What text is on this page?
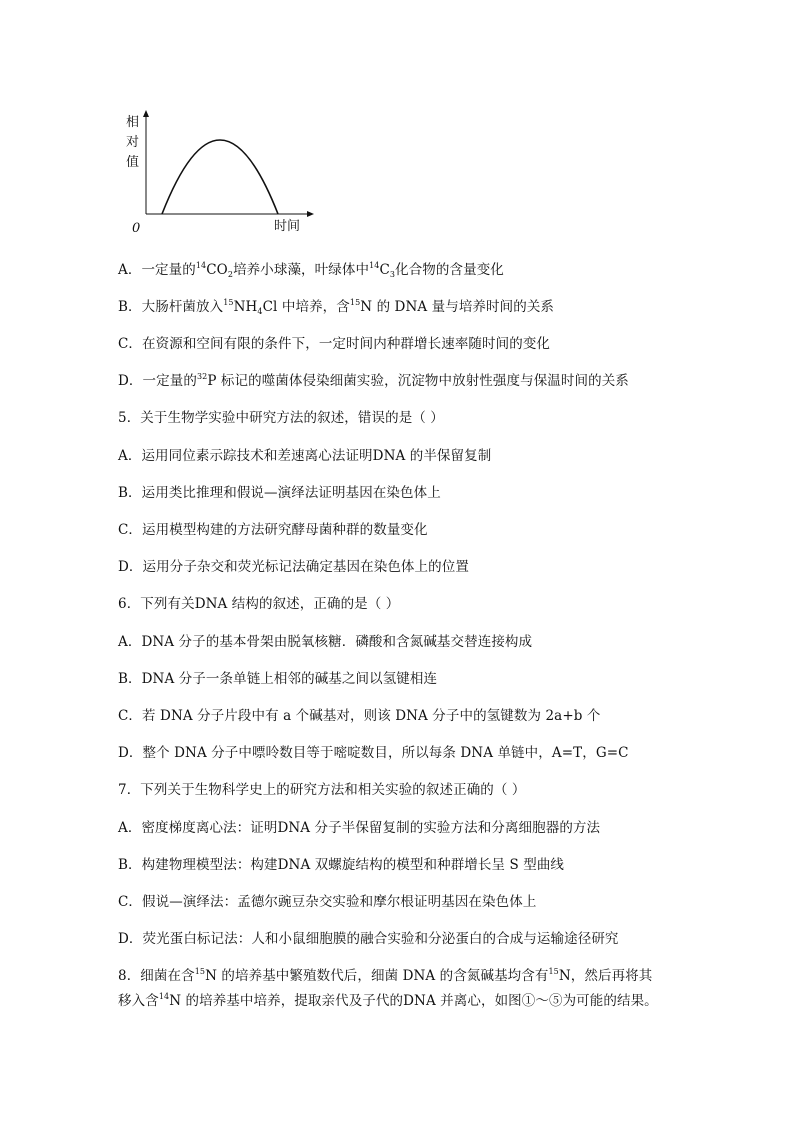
相
对
值
0	时间
A．一定量的$^{14}CO_2$培养小球藻，叶绿体中$^{14}C_3$化合物的含量变化
B．大肠杆菌放入$^{15}NH_4Cl$ 中培养，含$^{15}$N 的 DNA 量与培养时间的关系
C．在资源和空间有限的条件下，一定时间内种群增长速率随时间的变化
D．一定量的$^{32}$P 标记的噬菌体侵染细菌实验，沉淀物中放射性强度与保温时间的关系
5．关于生物学实验中研究方法的叙述，错误的是（ ）
A．运用同位素示踪技术和差速离心法证明DNA 的半保留复制
B．运用类比推理和假说—演绎法证明基因在染色体上
C．运用模型构建的方法研究酵母菌种群的数量变化
D．运用分子杂交和荧光标记法确定基因在染色体上的位置
6．下列有关DNA 结构的叙述，正确的是（ ）
A．DNA 分子的基本骨架由脱氧核糖．磷酸和含氮碱基交替连接构成
B．DNA 分子一条单链上相邻的碱基之间以氢键相连
C．若 DNA 分子片段中有 a 个碱基对，则该 DNA 分子中的氢键数为 2a+b 个
D．整个 DNA 分子中嘌呤数目等于嘧啶数目，所以每条 DNA 单链中，A=T，G=C
7．下列关于生物科学史上的研究方法和相关实验的叙述正确的（ ）
A．密度梯度离心法：证明DNA 分子半保留复制的实验方法和分离细胞器的方法
B．构建物理模型法：构建DNA 双螺旋结构的模型和种群增长呈 S 型曲线
C．假说—演绎法：孟德尔豌豆杂交实验和摩尔根证明基因在染色体上
D．荧光蛋白标记法：人和小鼠细胞膜的融合实验和分泌蛋白的合成与运输途径研究
8．细菌在含$^{15}$N 的培养基中繁殖数代后，细菌 DNA 的含氮碱基均含有$^{15}$N，然后再将其
移入含$^{14}$N 的培养基中培养，提取亲代及子代的DNA 并离心，如图①～⑤为可能的结果。
